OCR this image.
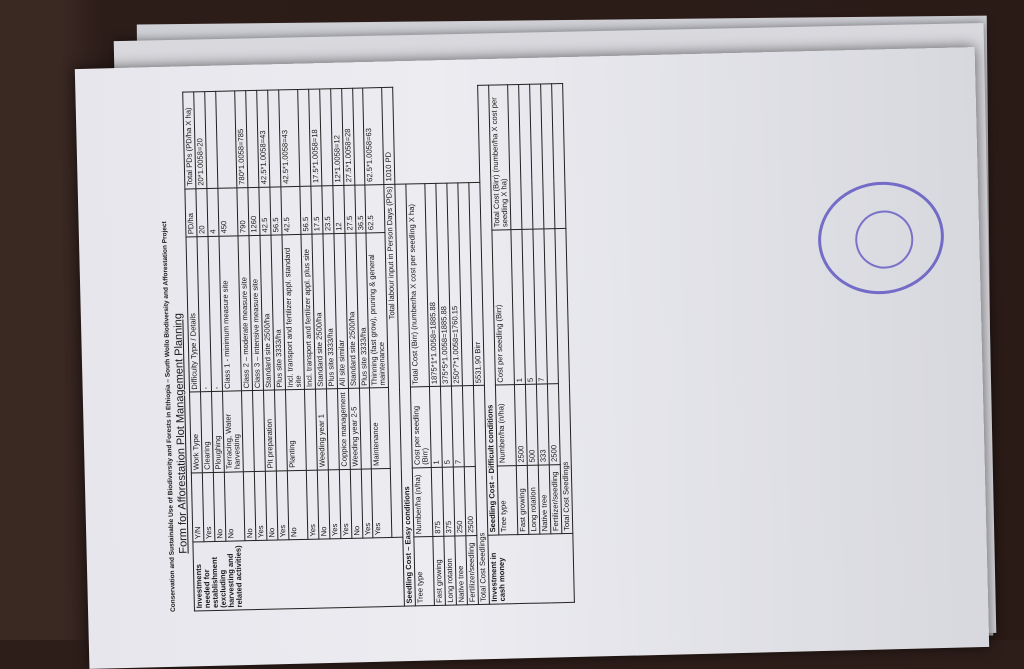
Conservation and Sustainable Use of Biodiversity and Forests in Ethiopia – South Wollo Biodiversity and Afforestation Project
Form for Afforestation Plot Management Planning
Investments needed for establishment (excluding harvesting and related activities)	Y/N	Work Type	Difficulty Type / Details	PD/ha	Total PDs (PD/ha X ha)
	Yes	Clearing	-	20	20*1.0058=20
	No	Ploughing	-	4	
	No	Terracing, Water harvesting	Class 1 - minimum measure site	450	
	No		Class 2 – moderate measure site	790	780*1.0058=785
	Yes		Class 3 – intensive measure site	1260	
	No	Pit preparation	Standard site 2500/ha	42.5	42.5*1.0058=43
	Yes		Plus site 3333/ha	56.5	
	No	Planting	Incl. transport and fertilizer appl. standard site	42.5	42.5*1.0058=43
	Yes		Incl. transport and fertilizer appl. plus site	56.5	
	No	Weeding year 1	Standard site 2500/ha	17.5	17.5*1.0058=18
	Yes		Plus site 3333/ha	23.5	
	Yes	Coppice management	All site similar	12	12*1.0058=12
	No	Weeding year 2-5	Standard site 2500/ha	27.5	27.5*1.0058=28
	Yes		Plus site 3333/ha	36.5	
	Yes	Maintenance	Thinning (fast grow), pruning & general maintenance	62.5	62.5*1.0058=63
	Total labour input in Person Days (PDs)				1010 PD
Seedling Cost – Easy conditions					
Tree type	Number/ha (n/ha)	Cost per seedling (Birr)	Total Cost (Birr) (number/ha X cost per seedling X ha)		
Fast growing	875	1	1875*1*1.0058=1885.88		
Long rotation	375	5	375*5*1.0058=1885.88		
Native tree	250	7	250*7*1.0058=1760.15		
Fertilizer/seedling	2500				
Total Cost Seedlings			5531.90 Birr		
Investment in cash money	Seedling Cost – Difficult conditions				
	Tree type	Number/ha (n/ha)	Cost per seedling (Birr)	Total Cost (Birr) (number/ha X cost per seedling X ha)	
	Fast growing	2500	1		
	Long rotation	500	5		
	Native tree	333	7		
	Fertilizer/seedling	2500			
	Total Cost Seedlings				
